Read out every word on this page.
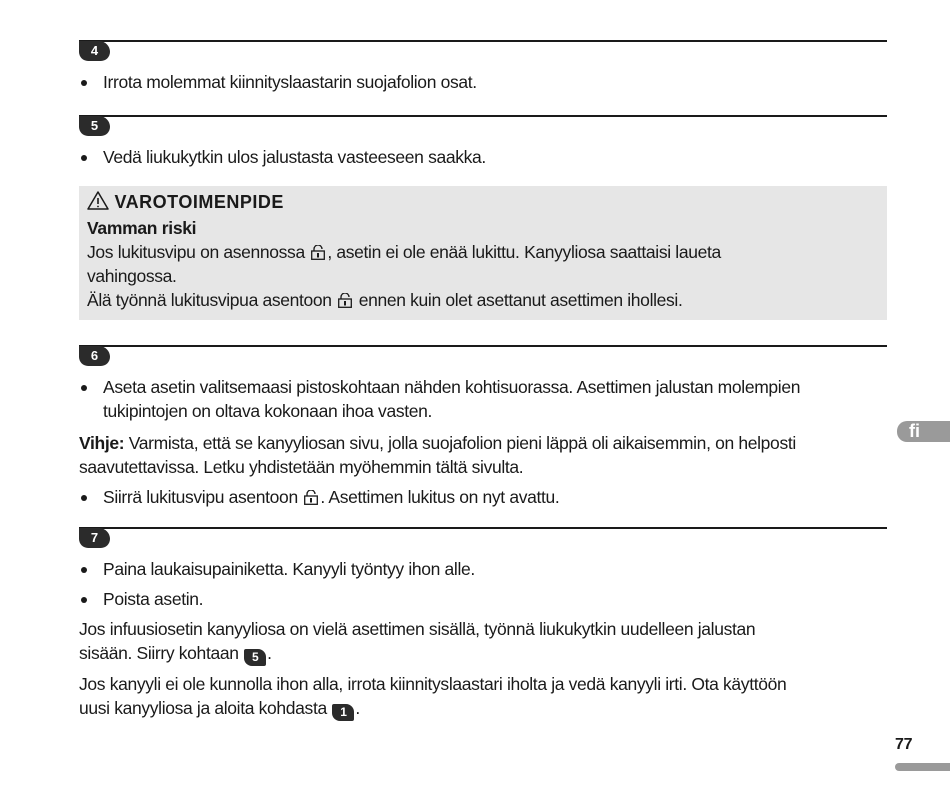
4
Irrota molemmat kiinnityslaastarin suojafolion osat.
5
Vedä liukukytkin ulos jalustasta vasteeseen saakka.
VAROTOIMENPIDE
Vamman riski
Jos lukitusvipu on asennossa , asetin ei ole enää lukittu. Kanyyliosa saattaisi laueta
vahingossa.
Älä työnnä lukitusvipua asentoon  ennen kuin olet asettanut asettimen ihollesi.
6
Aseta asetin valitsemaasi pistoskohtaan nähden kohtisuorassa. Asettimen jalustan molempien
tukipintojen on oltava kokonaan ihoa vasten.
Vihje: Varmista, että se kanyyliosan sivu, jolla suojafolion pieni läppä oli aikaisemmin, on helposti
saavutettavissa. Letku yhdistetään myöhemmin tältä sivulta.
Siirrä lukitusvipu asentoon . Asettimen lukitus on nyt avattu.
7
Paina laukaisupainiketta. Kanyyli työntyy ihon alle.
Poista asetin.
Jos infuusiosetin kanyyliosa on vielä asettimen sisällä, työnnä liukukytkin uudelleen jalustan
sisään. Siirry kohtaan 5 .
Jos kanyyli ei ole kunnolla ihon alla, irrota kiinnityslaastari iholta ja vedä kanyyli irti. Ota käyttöön
uusi kanyyliosa ja aloita kohdasta 1 .
fi
77
